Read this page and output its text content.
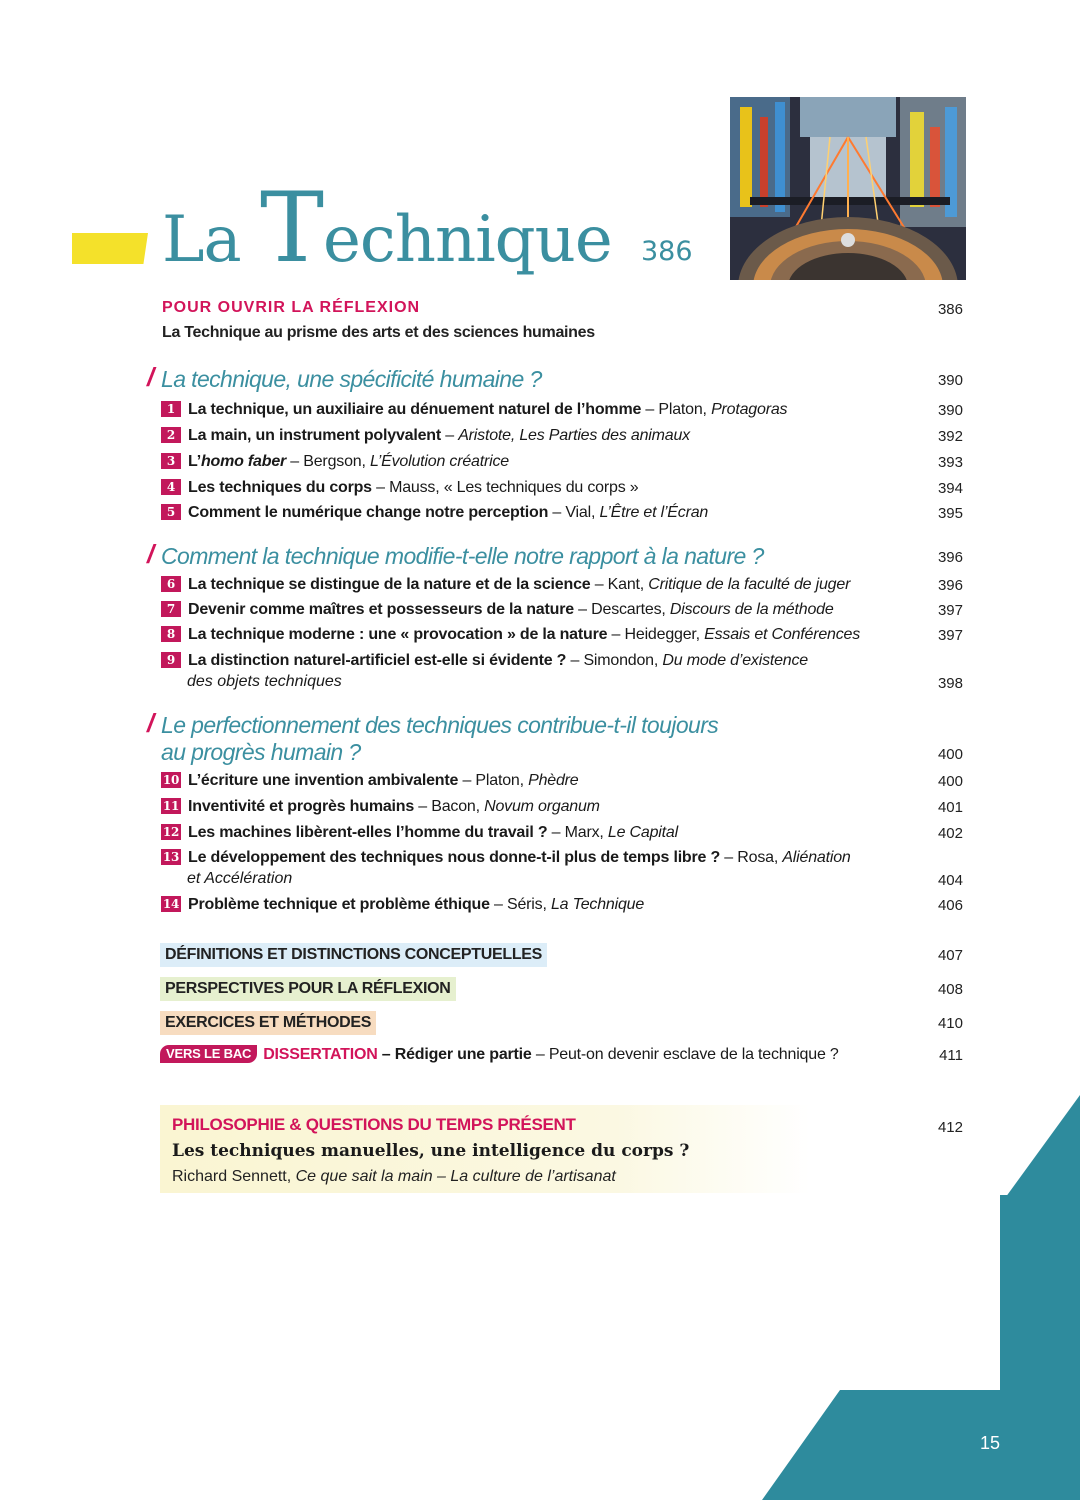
La Technique 386
POUR OUVRIR LA RÉFLEXION	386
La Technique au prisme des arts et des sciences humaines
/ La technique, une spécificité humaine ?	390
1 La technique, un auxiliaire au dénuement naturel de l’homme – Platon, Protagoras	390
2 La main, un instrument polyvalent – Aristote, Les Parties des animaux	392
3 L’homo faber – Bergson, L’Évolution créatrice	393
4 Les techniques du corps – Mauss, « Les techniques du corps »	394
5 Comment le numérique change notre perception – Vial, L’Être et l’Écran	395
/ Comment la technique modifie-t-elle notre rapport à la nature ?	396
6 La technique se distingue de la nature et de la science – Kant, Critique de la faculté de juger	396
7 Devenir comme maîtres et possesseurs de la nature – Descartes, Discours de la méthode	397
8 La technique moderne : une « provocation » de la nature – Heidegger, Essais et Conférences	397
9 La distinction naturel-artificiel est-elle si évidente ? – Simondon, Du mode d’existence
des objets techniques	398
/ Le perfectionnement des techniques contribue-t-il toujours
au progrès humain ?	400
10 L’écriture une invention ambivalente – Platon, Phèdre	400
11 Inventivité et progrès humains – Bacon, Novum organum	401
12 Les machines libèrent-elles l’homme du travail ? – Marx, Le Capital	402
13 Le développement des techniques nous donne-t-il plus de temps libre ? – Rosa, Aliénation
et Accélération	404
14 Problème technique et problème éthique – Séris, La Technique	406
DÉFINITIONS ET DISTINCTIONS CONCEPTUELLES	407
PERSPECTIVES POUR LA RÉFLEXION	408
EXERCICES ET MÉTHODES	410
VERS LE BAC DISSERTATION – Rédiger une partie – Peut-on devenir esclave de la technique ?	411
PHILOSOPHIE & QUESTIONS DU TEMPS PRÉSENT	412
Les techniques manuelles, une intelligence du corps ?
Richard Sennett, Ce que sait la main – La culture de l’artisanat
15
